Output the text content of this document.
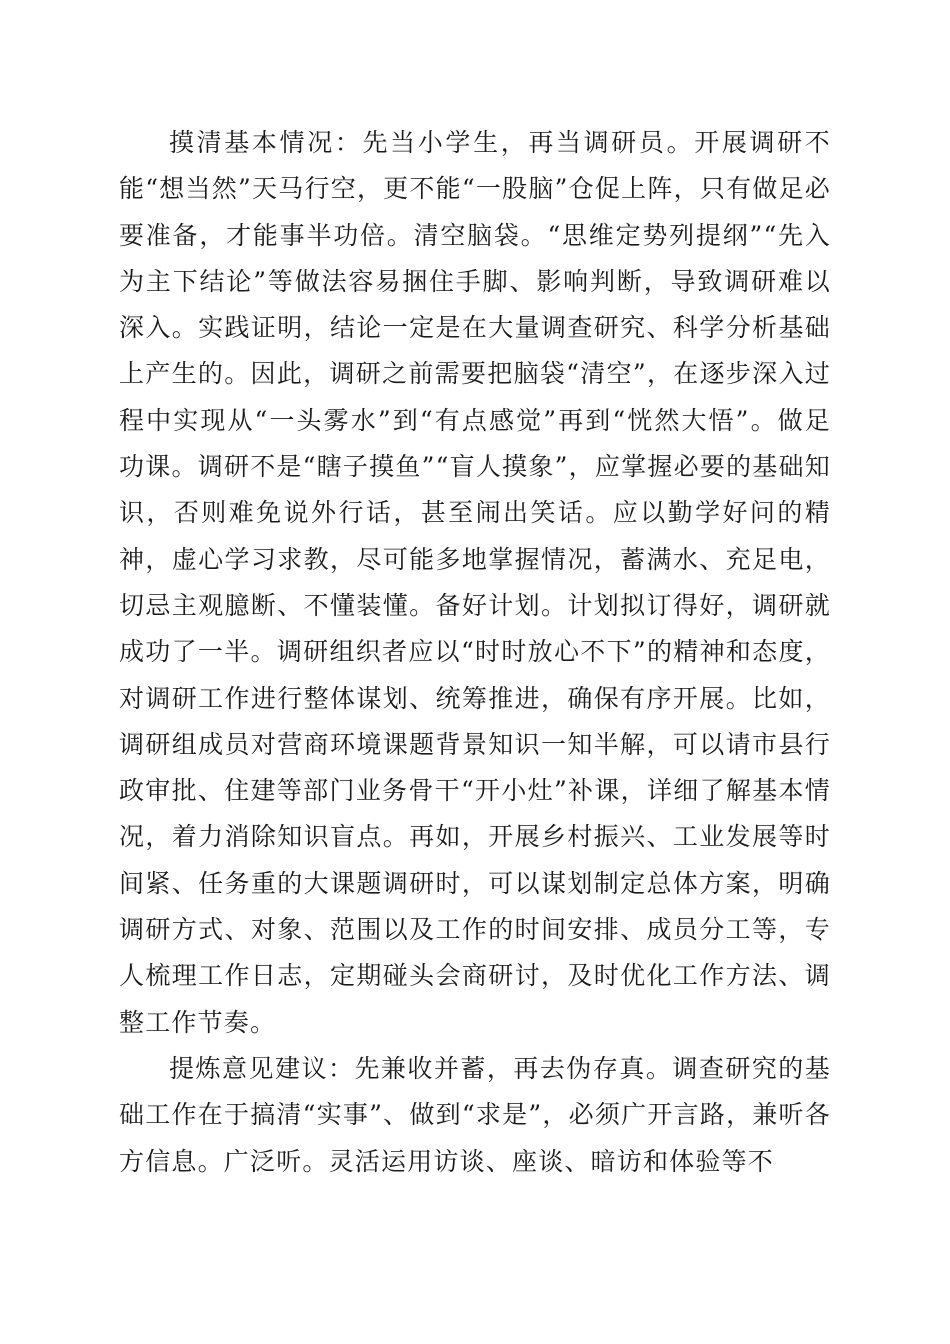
摸清基本情况：先当小学生，再当调研员。开展调研不能“想当然”天马行空，更不能“一股脑”仓促上阵，只有做足必要准备，才能事半功倍。清空脑袋。“思维定势列提纲”“先入为主下结论”等做法容易捆住手脚、影响判断，导致调研难以深入。实践证明，结论一定是在大量调查研究、科学分析基础上产生的。因此，调研之前需要把脑袋“清空”，在逐步深入过程中实现从“一头雾水”到“有点感觉”再到“恍然大悟”。做足功课。调研不是“瞎子摸鱼”“盲人摸象”，应掌握必要的基础知识，否则难免说外行话，甚至闹出笑话。应以勤学好问的精神，虚心学习求教，尽可能多地掌握情况，蓄满水、充足电，切忌主观臆断、不懂装懂。备好计划。计划拟订得好，调研就成功了一半。调研组织者应以“时时放心不下”的精神和态度，对调研工作进行整体谋划、统筹推进，确保有序开展。比如，调研组成员对营商环境课题背景知识一知半解，可以请市县行政审批、住建等部门业务骨干“开小灶”补课，详细了解基本情况，着力消除知识盲点。再如，开展乡村振兴、工业发展等时间紧、任务重的大课题调研时，可以谋划制定总体方案，明确调研方式、对象、范围以及工作的时间安排、成员分工等，专人梳理工作日志，定期碰头会商研讨，及时优化工作方法、调整工作节奏。

提炼意见建议：先兼收并蓄，再去伪存真。调查研究的基础工作在于搞清“实事”、做到“求是”，必须广开言路，兼听各方信息。广泛听。灵活运用访谈、座谈、暗访和体验等不
